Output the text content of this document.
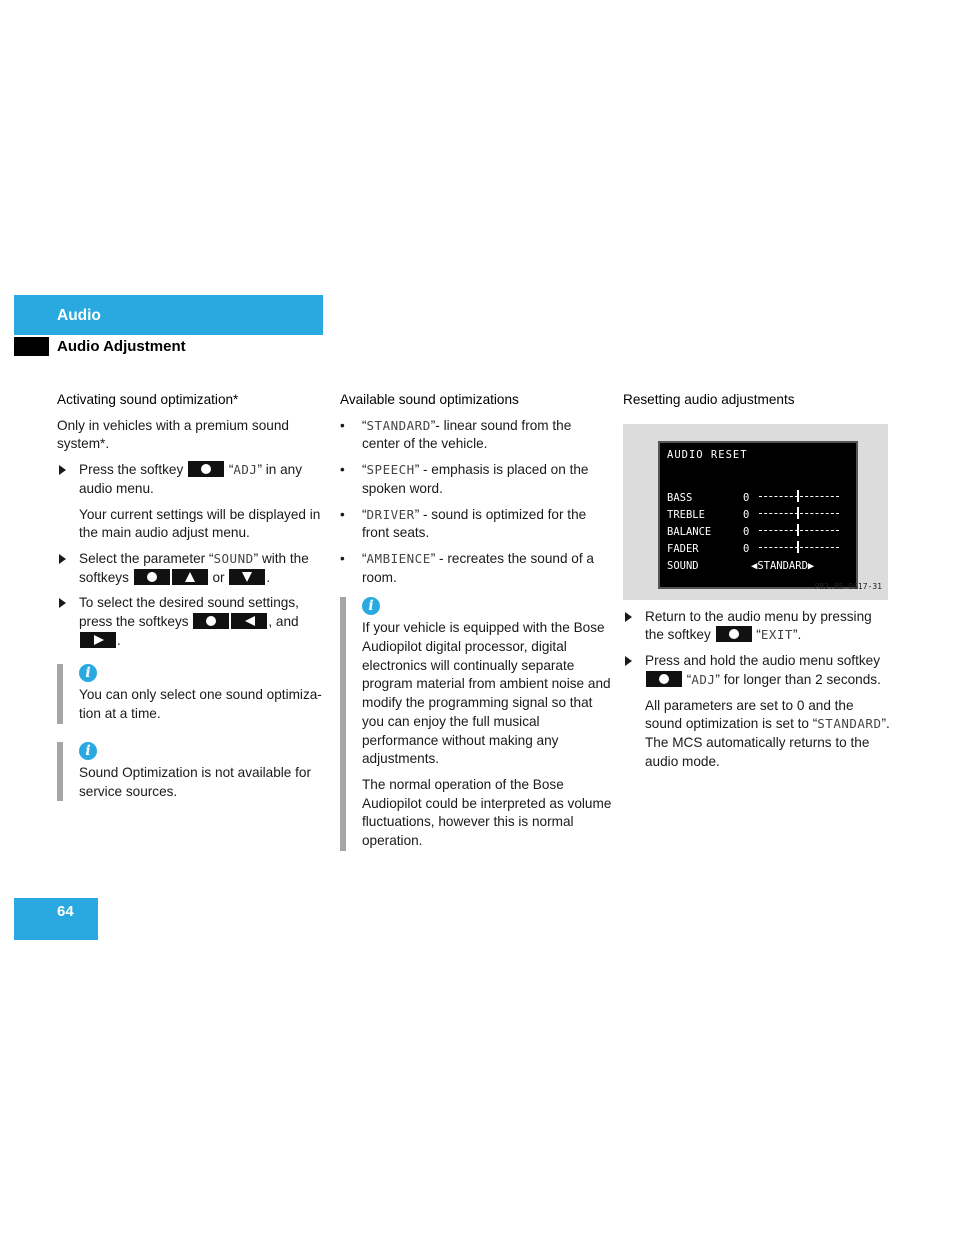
Audio
Audio Adjustment
Activating sound optimization*

Only in vehicles with a premium sound system*.

Press the softkey	“ADJ” in any audio menu.

Your current settings will be displayed in the main audio adjust menu.

Select the parameter “SOUND” with the softkeys	or	.
To select the desired sound settings, press the softkeys	, and
.
i

You can only select one sound optimiza-tion at a time.

i

Sound Optimization is not available for service sources.

Available sound optimizations
• “STANDARD”- linear sound from the center of the vehicle.
• “SPEECH” - emphasis is placed on the spoken word.
• “DRIVER” - sound is optimized for the front seats.
• “AMBIENCE” - recreates the sound of a room.
i

If your vehicle is equipped with the Bose Audiopilot digital processor, digital electronics will continually separate program material from ambient noise and modify the programming signal so that you can enjoy the full musical performance without making any adjustments.

The normal operation of the Bose Audiopilot could be interpreted as volume fluctuations, however this is normal operation.

Resetting audio adjustments
AUDIO RESET
BASS	0
TREBLE	0
BALANCE	0
FADER	0
SOUND	◀STANDARD▶
P82.85-9617-31
Return to the audio menu by pressing the softkey	“EXIT”.
Press and hold the audio menu softkey
“ADJ” for longer than 2 seconds.

All parameters are set to 0 and the sound optimization is set to “STANDARD”. The MCS automatically returns to the audio mode.

64
